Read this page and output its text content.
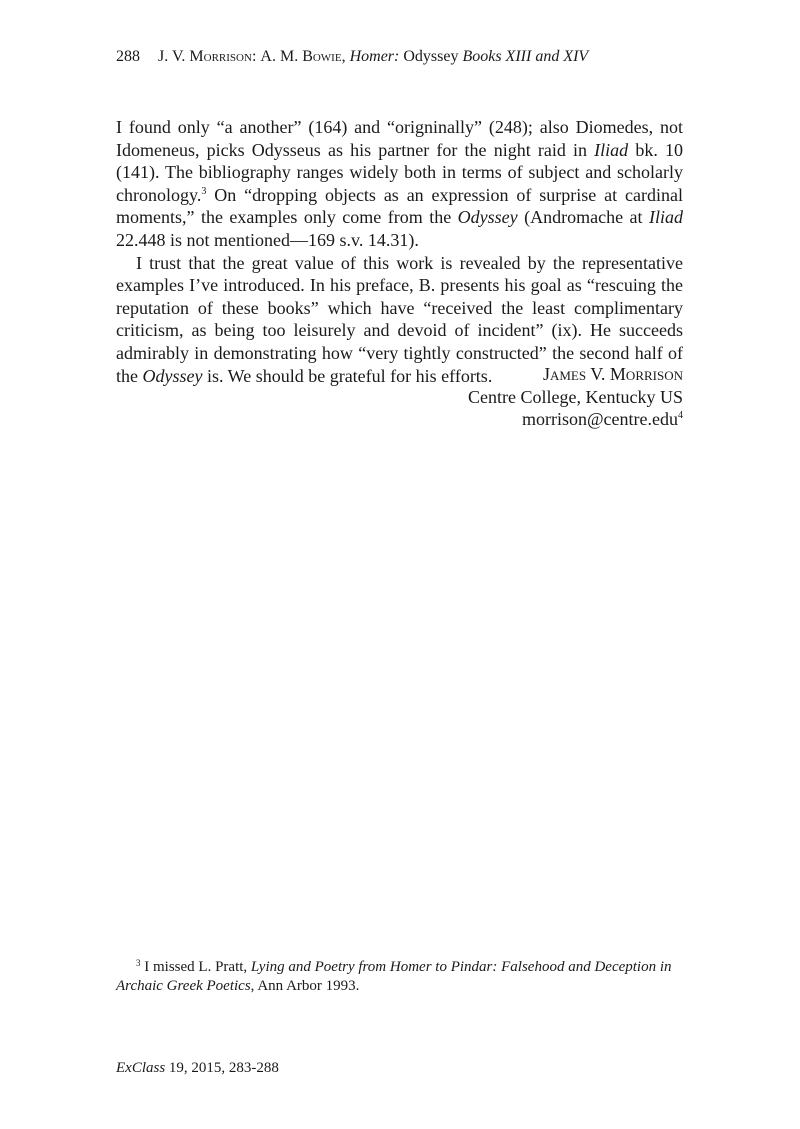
288 J. V. Morrison: A. M. Bowie, Homer: Odyssey Books XIII and XIV

I found only “a another” (164) and “origninally” (248); also Diomedes, not Idomeneus, picks Odysseus as his partner for the night raid in Iliad bk. 10 (141). The bibliography ranges widely both in terms of subject and scholarly chronology.$^3$ On “dropping objects as an expression of surprise at cardinal moments,” the examples only come from the Odyssey (Andromache at Iliad 22.448 is not mentioned—169 s.v. 14.31).

I trust that the great value of this work is revealed by the representative examples I’ve introduced. In his preface, B. presents his goal as “rescuing the reputation of these books” which have “received the least complimentary criticism, as being too leisurely and devoid of incident” (ix). He succeeds admirably in demonstrating how “very tightly constructed” the second half of the Odyssey is. We should be grateful for his efforts.	James V. Morrison
Centre College, Kentucky US
morrison@centre.edu$^4$

$^3$ I missed L. Pratt, Lying and Poetry from Homer to Pindar: Falsehood and Deception in Archaic Greek Poetics, Ann Arbor 1993.

ExClass 19, 2015, 283-288
